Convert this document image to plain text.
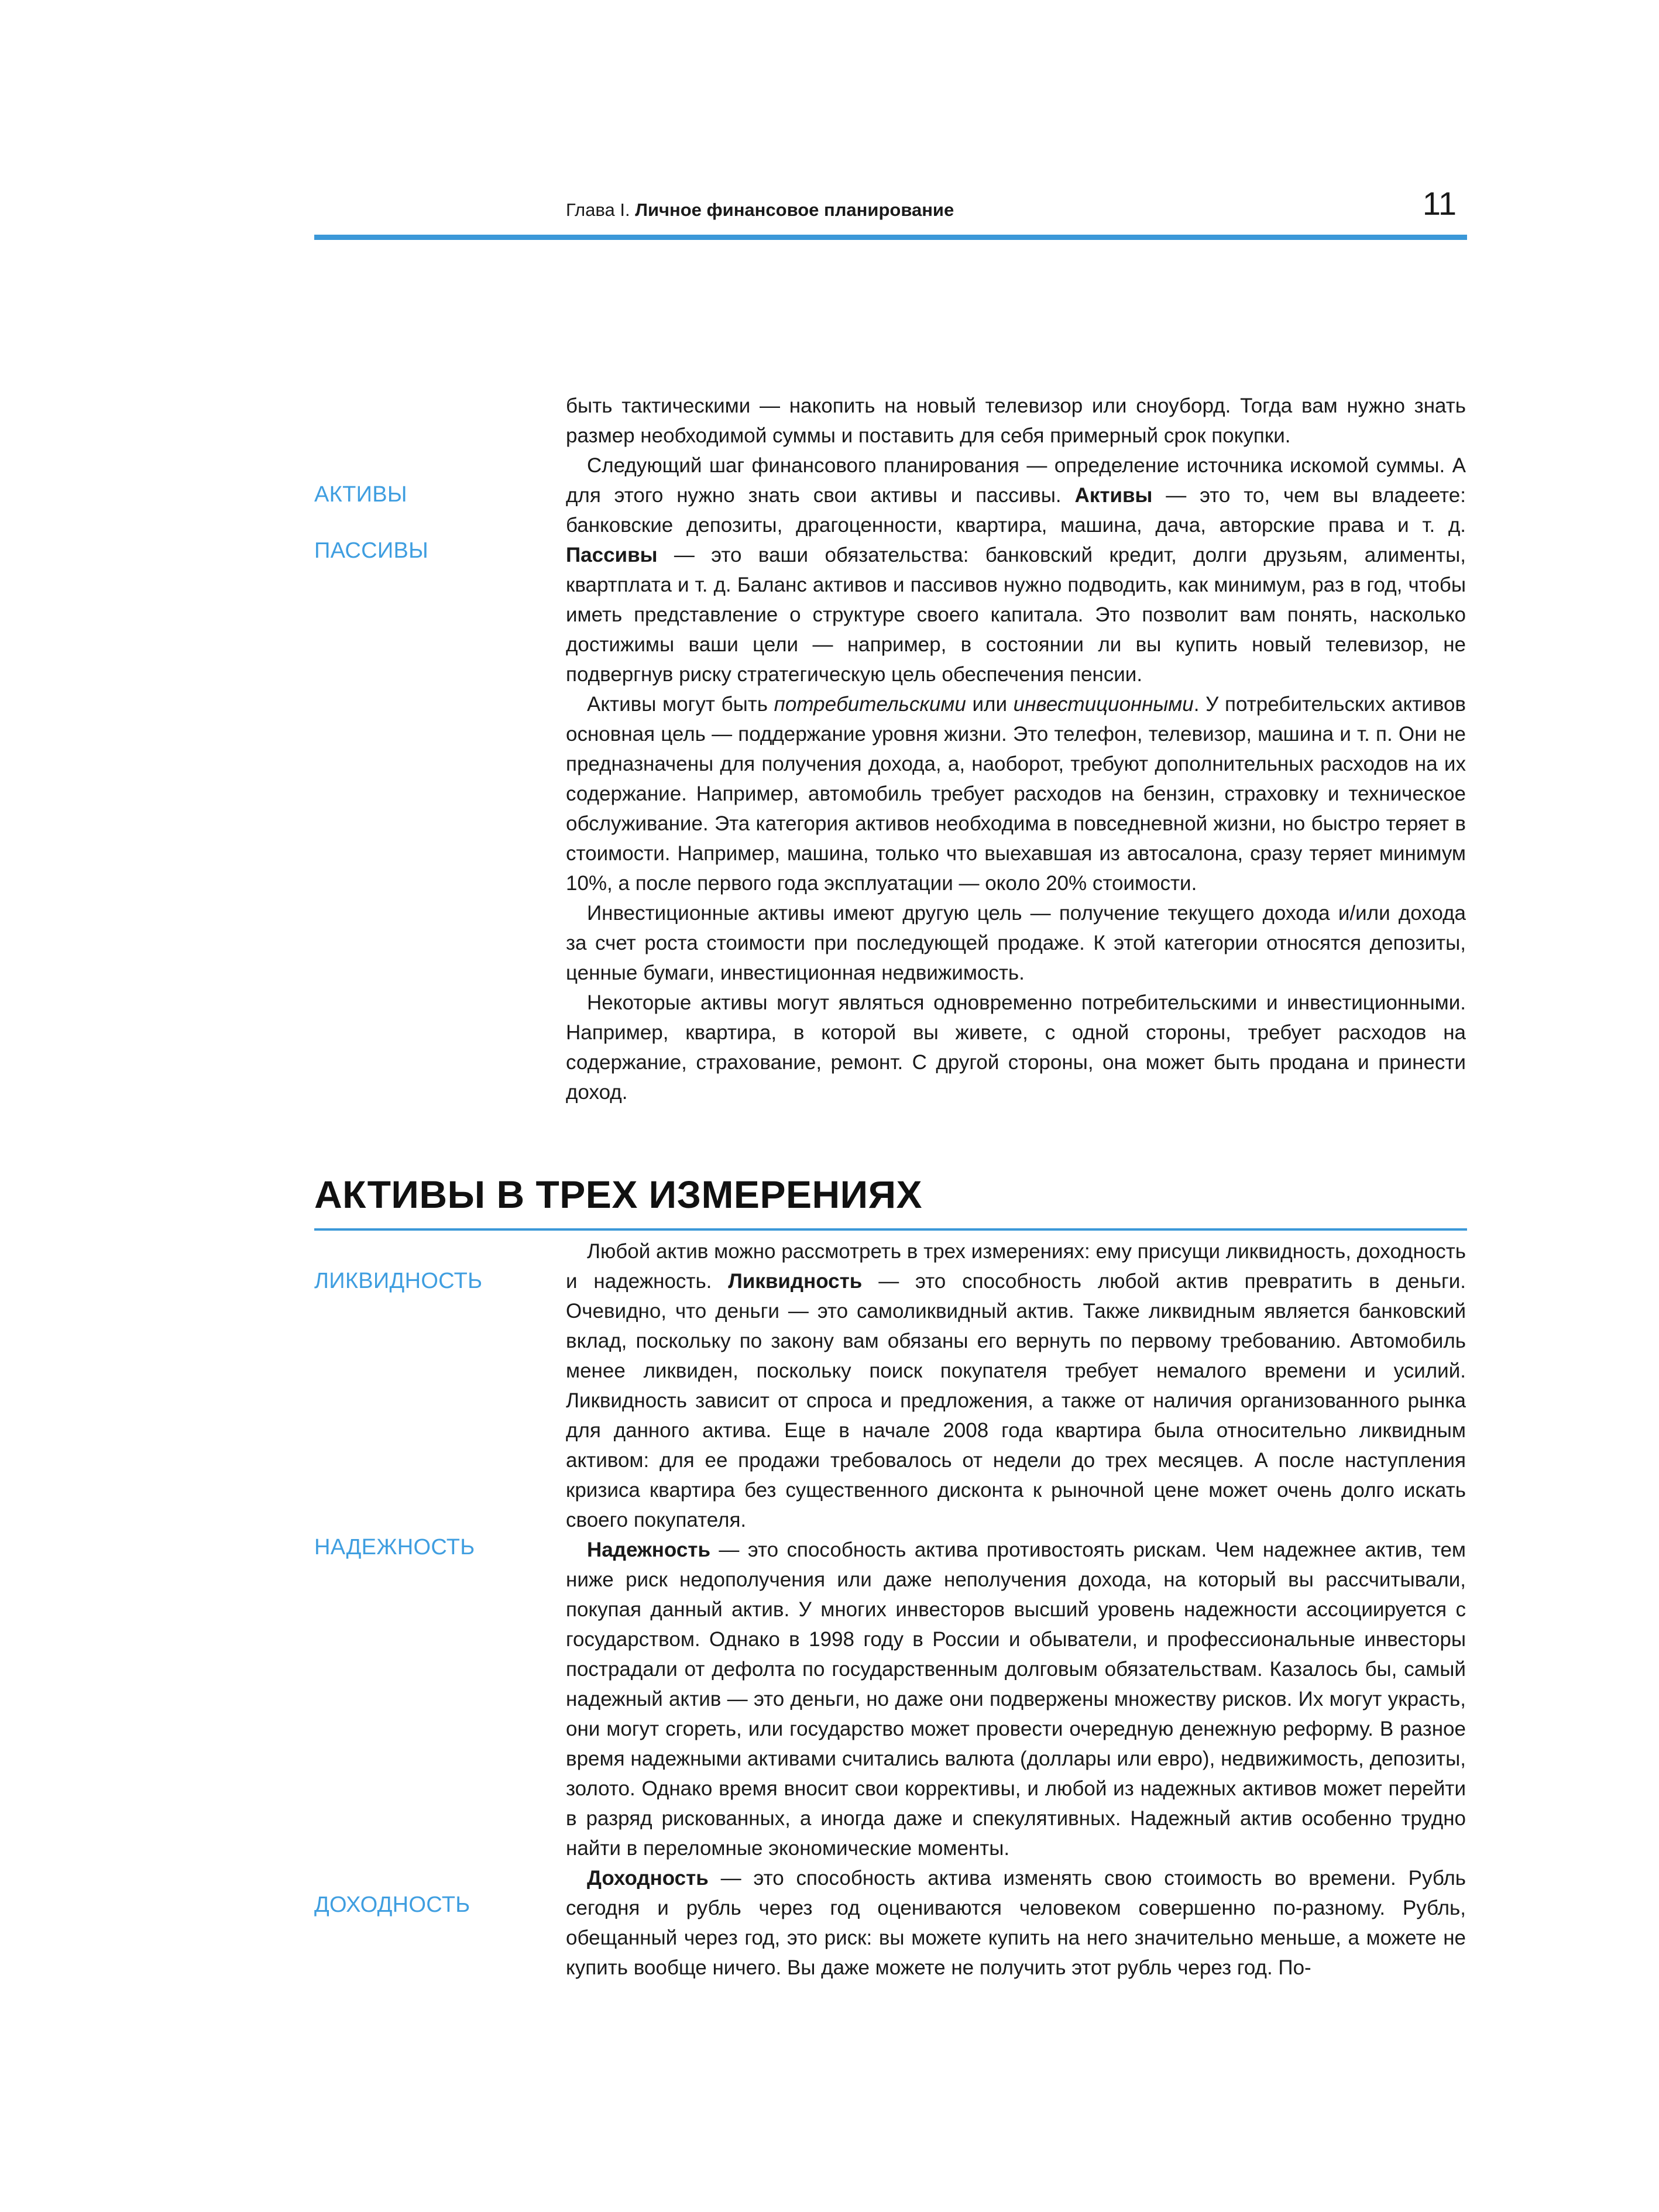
Глава I. Личное финансовое планирование	11
АКТИВЫ
ПАССИВЫ
ЛИКВИДНОСТЬ
НАДЕЖНОСТЬ
ДОХОДНОСТЬ

быть тактическими — накопить на новый телевизор или сноуборд. Тогда вам нужно знать размер необходимой суммы и поставить для себя примерный срок покупки.

Следующий шаг финансового планирования — определение источника искомой суммы. А для этого нужно знать свои активы и пассивы. Активы — это то, чем вы владеете: банковские депозиты, драгоценности, квартира, машина, дача, авторские права и т. д. Пассивы — это ваши обязательства: банковский кредит, долги друзьям, алименты, квартплата и т. д. Баланс активов и пассивов нужно подводить, как минимум, раз в год, чтобы иметь представление о структуре своего капитала. Это позволит вам понять, насколько достижимы ваши цели — например, в состоянии ли вы купить новый телевизор, не подвергнув риску стратегическую цель обеспечения пенсии.

Активы могут быть потребительскими или инвестиционными. У потребительских активов основная цель — поддержание уровня жизни. Это телефон, телевизор, машина и т. п. Они не предназначены для получения дохода, а, наоборот, требуют дополнительных расходов на их содержание. Например, автомобиль требует расходов на бензин, страховку и техническое обслуживание. Эта категория активов необходима в повседневной жизни, но быстро теряет в стоимости. Например, машина, только что выехавшая из автосалона, сразу теряет минимум 10%, а после первого года эксплуатации — около 20% стоимости.

Инвестиционные активы имеют другую цель — получение текущего дохода и/или дохода за счет роста стоимости при последующей продаже. К этой категории относятся депозиты, ценные бумаги, инвестиционная недвижимость.

Некоторые активы могут являться одновременно потребительскими и инвестиционными. Например, квартира, в которой вы живете, с одной стороны, требует расходов на содержание, страхование, ремонт. С другой стороны, она может быть продана и принести доход.

АКТИВЫ В ТРЕХ ИЗМЕРЕНИЯХ

Любой актив можно рассмотреть в трех измерениях: ему присущи ликвидность, доходность и надежность. Ликвидность — это способность любой актив превратить в деньги. Очевидно, что деньги — это самоликвидный актив. Также ликвидным является банковский вклад, поскольку по закону вам обязаны его вернуть по первому требованию. Автомобиль менее ликвиден, поскольку поиск покупателя требует немалого времени и усилий. Ликвидность зависит от спроса и предложения, а также от наличия организованного рынка для данного актива. Еще в начале 2008 года квартира была относительно ликвидным активом: для ее продажи требовалось от недели до трех месяцев. А после наступления кризиса квартира без существенного дисконта к рыночной цене может очень долго искать своего покупателя.

Надежность — это способность актива противостоять рискам. Чем надежнее актив, тем ниже риск недополучения или даже неполучения дохода, на который вы рассчитывали, покупая данный актив. У многих инвесторов высший уровень надежности ассоциируется с государством. Однако в 1998 году в России и обыватели, и профессиональные инвесторы пострадали от дефолта по государственным долговым обязательствам. Казалось бы, самый надежный актив — это деньги, но даже они подвержены множеству рисков. Их могут украсть, они могут сгореть, или государство может провести очередную денежную реформу. В разное время надежными активами считались валюта (доллары или евро), недвижимость, депозиты, золото. Однако время вносит свои коррективы, и любой из надежных активов может перейти в разряд рискованных, а иногда даже и спекулятивных. Надежный актив особенно трудно найти в переломные экономические моменты.

Доходность — это способность актива изменять свою стоимость во времени. Рубль сегодня и рубль через год оцениваются человеком совершенно по-разному. Рубль, обещанный через год, это риск: вы можете купить на него значительно меньше, а можете не купить вообще ничего. Вы даже можете не получить этот рубль через год. По-
